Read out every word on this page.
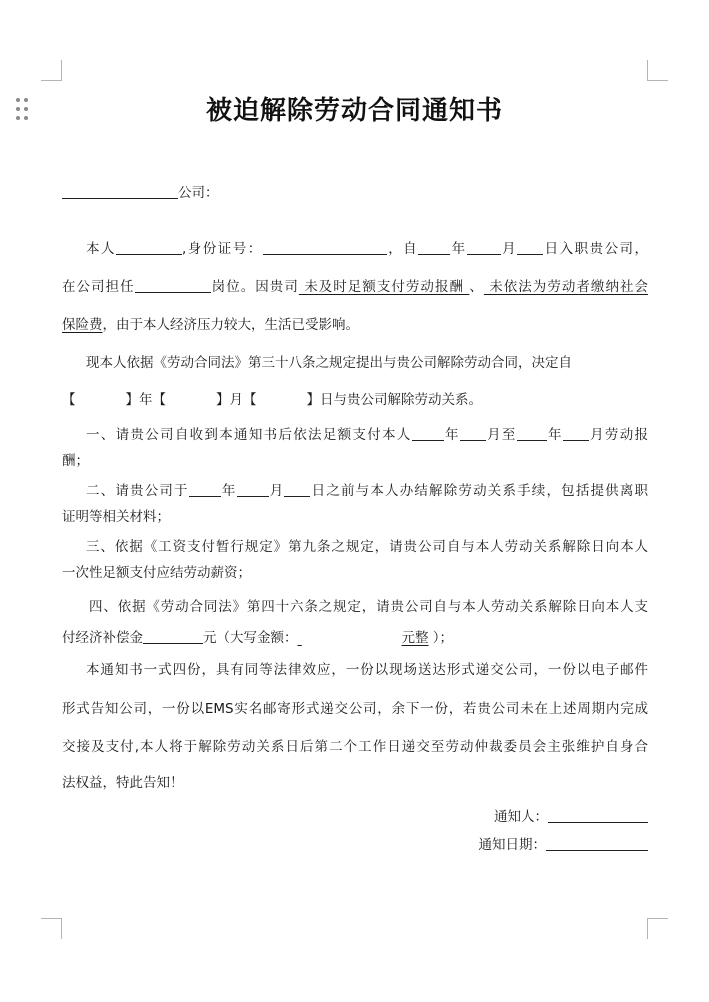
被迫解除劳动合同通知书
公司：
本人	,身份证号：	，自 年	月 日入职贵公司，
在公司担任	岗位。因贵司 未及时足额支付劳动报酬 、 未依法为劳动者缴纳社会
保险费，由于本人经济压力较大，生活已受影响。
现本人依据《劳动合同法》第三十八条之规定提出与贵公司解除劳动合同，决定自
【	】年【	】月【	】日与贵公司解除劳动关系。
一、请贵公司自收到本通知书后依法足额支付本人 年 月至 年 月劳动报
酬；
二、请贵公司于 年 月 日之前与本人办结解除劳动关系手续，包括提供离职
证明等相关材料；
三、依据《工资支付暂行规定》第九条之规定，请贵公司自与本人劳动关系解除日向本人
一次性足额支付应结劳动薪资；
四、依据《劳动合同法》第四十六条之规定，请贵公司自与本人劳动关系解除日向本人支
付经济补偿金	元（大写金额：	元整 ）；
本通知书一式四份，具有同等法律效应，一份以现场送达形式递交公司，一份以电子邮件
形式告知公司，一份以EMS实名邮寄形式递交公司，余下一份，若贵公司未在上述周期内完成
交接及支付,本人将于解除劳动关系日后第二个工作日递交至劳动仲裁委员会主张维护自身合
法权益，特此告知！
通知人：
通知日期：
